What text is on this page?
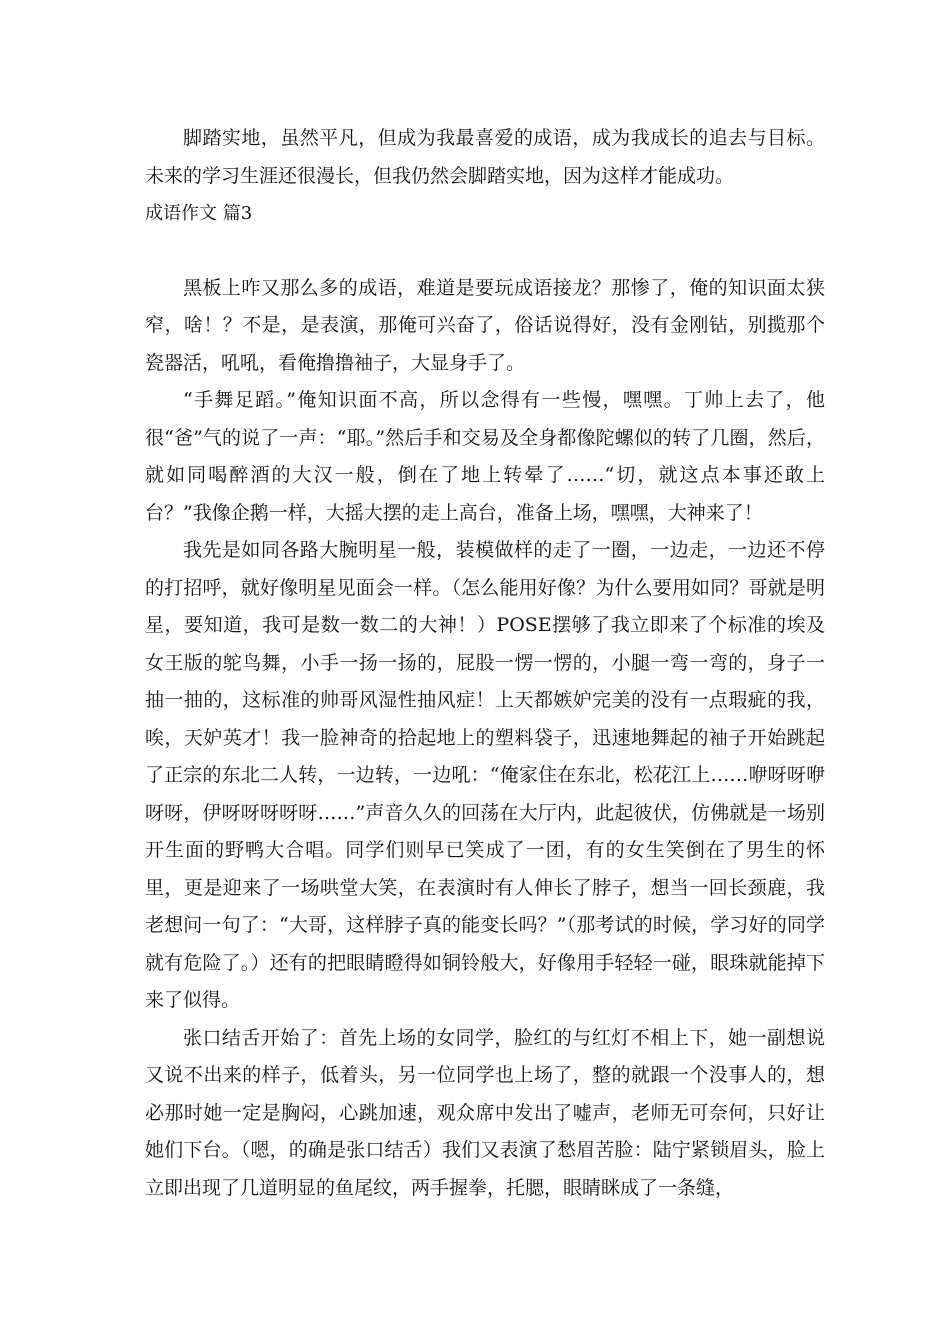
脚踏实地，虽然平凡，但成为我最喜爱的成语，成为我成长的追去与目标。未来的学习生涯还很漫长，但我仍然会脚踏实地，因为这样才能成功。

成语作文 篇3

黑板上咋又那么多的成语，难道是要玩成语接龙？那惨了，俺的知识面太狭窄，啥！？不是，是表演，那俺可兴奋了，俗话说得好，没有金刚钻，别揽那个瓷器活，吼吼，看俺撸撸袖子，大显身手了。

“手舞足蹈。”俺知识面不高，所以念得有一些慢，嘿嘿。丁帅上去了，他很“爸”气的说了一声：“耶。”然后手和交易及全身都像陀螺似的转了几圈，然后，就如同喝醉酒的大汉一般，倒在了地上转晕了……“切，就这点本事还敢上台？”我像企鹅一样，大摇大摆的走上高台，准备上场，嘿嘿，大神来了！

我先是如同各路大腕明星一般，装模做样的走了一圈，一边走，一边还不停的打招呼，就好像明星见面会一样。（怎么能用好像？为什么要用如同？哥就是明星，要知道，我可是数一数二的大神！）POSE摆够了我立即来了个标准的埃及女王版的鸵鸟舞，小手一扬一扬的，屁股一愣一愣的，小腿一弯一弯的，身子一抽一抽的，这标准的帅哥风湿性抽风症！上天都嫉妒完美的没有一点瑕疵的我，唉，天妒英才！我一脸神奇的拾起地上的塑料袋子，迅速地舞起的袖子开始跳起了正宗的东北二人转，一边转，一边吼：“俺家住在东北，松花江上……咿呀呀咿呀呀，伊呀呀呀呀呀……”声音久久的回荡在大厅内，此起彼伏，仿佛就是一场别开生面的野鸭大合唱。同学们则早已笑成了一团，有的女生笑倒在了男生的怀里，更是迎来了一场哄堂大笑，在表演时有人伸长了脖子，想当一回长颈鹿，我老想问一句了：“大哥，这样脖子真的能变长吗？”（那考试的时候，学习好的同学就有危险了。）还有的把眼睛瞪得如铜铃般大，好像用手轻轻一碰，眼珠就能掉下来了似得。

张口结舌开始了：首先上场的女同学，脸红的与红灯不相上下，她一副想说又说不出来的样子，低着头，另一位同学也上场了，整的就跟一个没事人的，想必那时她一定是胸闷，心跳加速，观众席中发出了嘘声，老师无可奈何，只好让她们下台。（嗯，的确是张口结舌）我们又表演了愁眉苦脸：陆宁紧锁眉头，脸上立即出现了几道明显的鱼尾纹，两手握拳，托腮，眼睛眯成了一条缝，
